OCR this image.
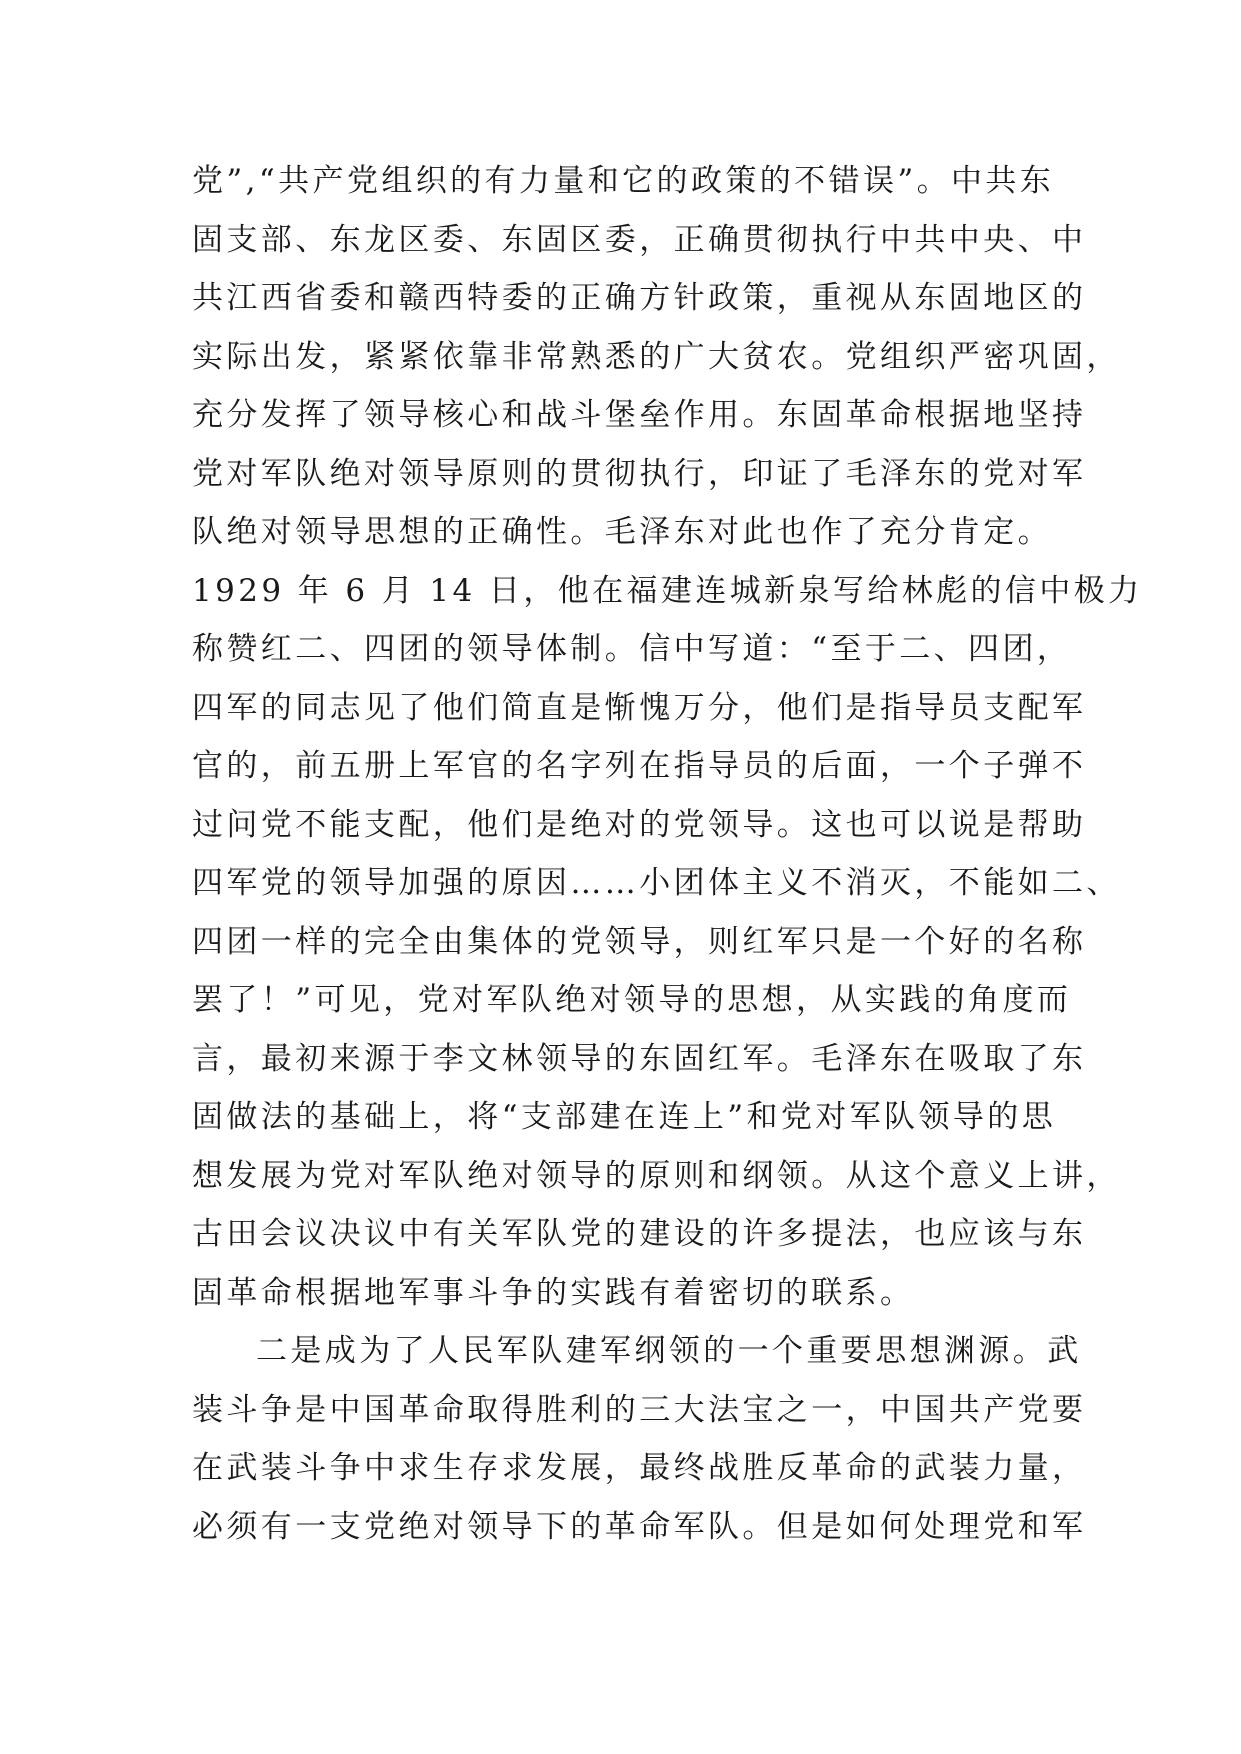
党”,“共产党组织的有力量和它的政策的不错误”。中共东
固支部、东龙区委、东固区委，正确贯彻执行中共中央、中
共江西省委和赣西特委的正确方针政策，重视从东固地区的
实际出发，紧紧依靠非常熟悉的广大贫农。党组织严密巩固，
充分发挥了领导核心和战斗堡垒作用。东固革命根据地坚持
党对军队绝对领导原则的贯彻执行，印证了毛泽东的党对军
队绝对领导思想的正确性。毛泽东对此也作了充分肯定。
1929 年 6 月 14 日，他在福建连城新泉写给林彪的信中极力
称赞红二、四团的领导体制。信中写道：“至于二、四团，
四军的同志见了他们简直是惭愧万分，他们是指导员支配军
官的，前五册上军官的名字列在指导员的后面，一个子弹不
过问党不能支配，他们是绝对的党领导。这也可以说是帮助
四军党的领导加强的原因……小团体主义不消灭，不能如二、
四团一样的完全由集体的党领导，则红军只是一个好的名称
罢了！”可见，党对军队绝对领导的思想，从实践的角度而
言，最初来源于李文林领导的东固红军。毛泽东在吸取了东
固做法的基础上，将“支部建在连上”和党对军队领导的思
想发展为党对军队绝对领导的原则和纲领。从这个意义上讲，
古田会议决议中有关军队党的建设的许多提法，也应该与东
固革命根据地军事斗争的实践有着密切的联系。
二是成为了人民军队建军纲领的一个重要思想渊源。武
装斗争是中国革命取得胜利的三大法宝之一，中国共产党要
在武装斗争中求生存求发展，最终战胜反革命的武装力量，
必须有一支党绝对领导下的革命军队。但是如何处理党和军
